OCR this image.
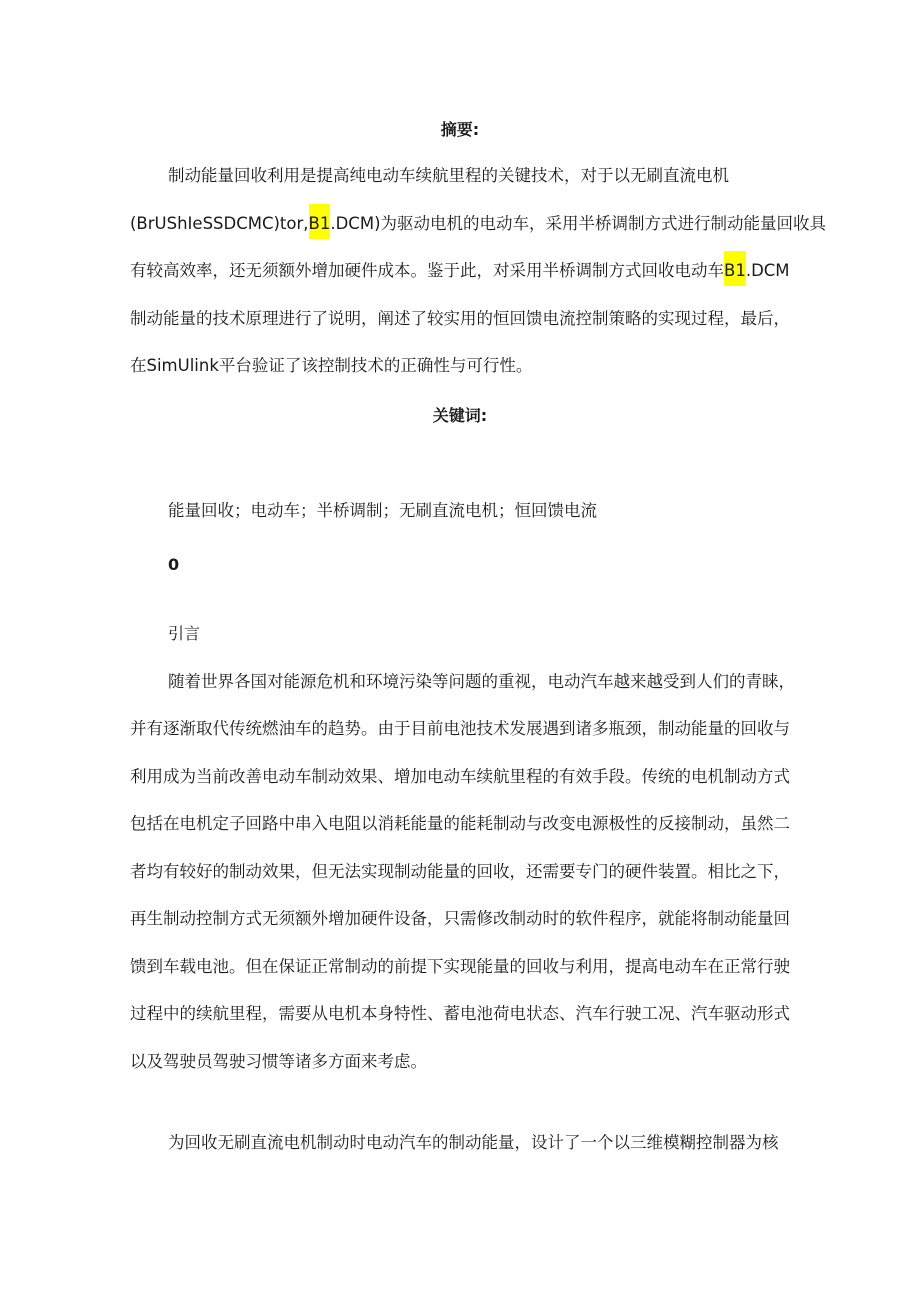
摘要:
制动能量回收利用是提高纯电动车续航里程的关键技术，对于以无刷直流电机
(BrUShIeSSDCMC)tor,B1.DCM)为驱动电机的电动车，采用半桥调制方式进行制动能量回收具
有较高效率，还无须额外增加硬件成本。鉴于此，对采用半桥调制方式回收电动车B1.DCM
制动能量的技术原理进行了说明，阐述了较实用的恒回馈电流控制策略的实现过程，最后，
在SimUlink平台验证了该控制技术的正确性与可行性。
关键词:
能量回收；电动车；半桥调制；无刷直流电机；恒回馈电流
0
引言
随着世界各国对能源危机和环境污染等问题的重视，电动汽车越来越受到人们的青睐，
并有逐渐取代传统燃油车的趋势。由于目前电池技术发展遇到诸多瓶颈，制动能量的回收与
利用成为当前改善电动车制动效果、增加电动车续航里程的有效手段。传统的电机制动方式
包括在电机定子回路中串入电阻以消耗能量的能耗制动与改变电源极性的反接制动，虽然二
者均有较好的制动效果，但无法实现制动能量的回收，还需要专门的硬件装置。相比之下，
再生制动控制方式无须额外增加硬件设备，只需修改制动时的软件程序，就能将制动能量回
馈到车载电池。但在保证正常制动的前提下实现能量的回收与利用，提高电动车在正常行驶
过程中的续航里程，需要从电机本身特性、蓄电池荷电状态、汽车行驶工况、汽车驱动形式
以及驾驶员驾驶习惯等诸多方面来考虑。
为回收无刷直流电机制动时电动汽车的制动能量，设计了一个以三维模糊控制器为核
